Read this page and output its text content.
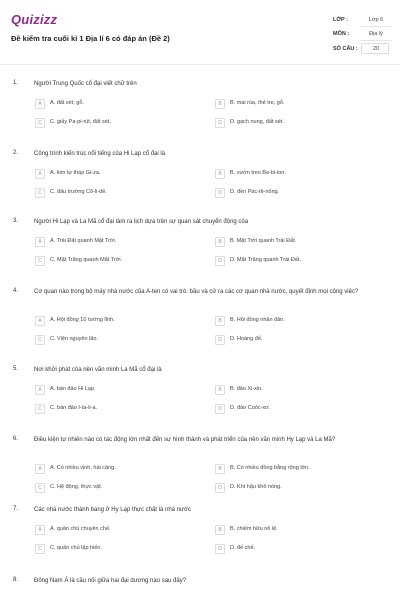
Quizizz
Đề kiểm tra cuối kì 1 Địa lí 6 có đáp án (Đề 2)
LỚP :	Lớp 6
MÔN :	Địa lý
SỐ CÂU :	20
1.	Người Trung Quốc cổ đại viết chữ trên
A	A. đất sét, gỗ.	B	B. mai rùa, thẻ tre, gỗ.
C	C. giấy Pa-pi-rút, đất sét.	D	D. gạch nung, đất sét.
2.	Công trình kiến trúc nổi tiếng của Hi Lạp cổ đại là
A	A. kim tự tháp Gi-za.	B	B. vườn treo Ba-bi-lon.
C	C. đấu trường Cô-li-dê.	D	D. đền Pác-tê-nông.
3.	Người Hi Lạp và La Mã cổ đại làm ra lịch dựa trên sự quan sát chuyển động của
A	A. Trái Đất quanh Mặt Trời.	B	B. Mặt Trời quanh Trái Đất.
C	C. Mặt Trăng quanh Mặt Trời.	D	D. Mặt Trăng quanh Trái Đất.
4.	Cơ quan nào trong bộ máy nhà nước của A-ten có vai trò: bầu và cử ra các cơ quan nhà nước, quyết định mọi công việc?
A	A. Hội đồng 10 tướng lĩnh.	B	B. Hội đồng nhân dân.
C	C. Viện nguyên lão.	D	D. Hoàng đế.
5.	Nơi khởi phát của nền văn minh La Mã cổ đại là
A	A. bán đảo Hi Lạp.	B	B. đảo Xi-xin.
C	C. bán đảo I-ta-li-a.	D	D. đảo Coóc-xơ.
6.	Điều kiện tự nhiên nào có tác động lớn nhất đến sự hình thành và phát triển của nền văn minh Hy Lạp và La Mã?
A	A. Có nhiều vịnh, hải cảng.	B	B. Có nhiều đồng bằng rộng lớn.
C	C. Hệ động, thực vật.	D	D. Khí hậu khô nóng.
7.	Các nhà nước thành bang ở Hy Lạp thực chất là nhà nước
A	A. quân chủ chuyên chế.	B	B. chiếm hữu nô lệ.
C	C. quân chủ lập hiến.	D	D. đế chế.
8.	Đông Nam Á là cầu nối giữa hai đại dương nào sau đây?
